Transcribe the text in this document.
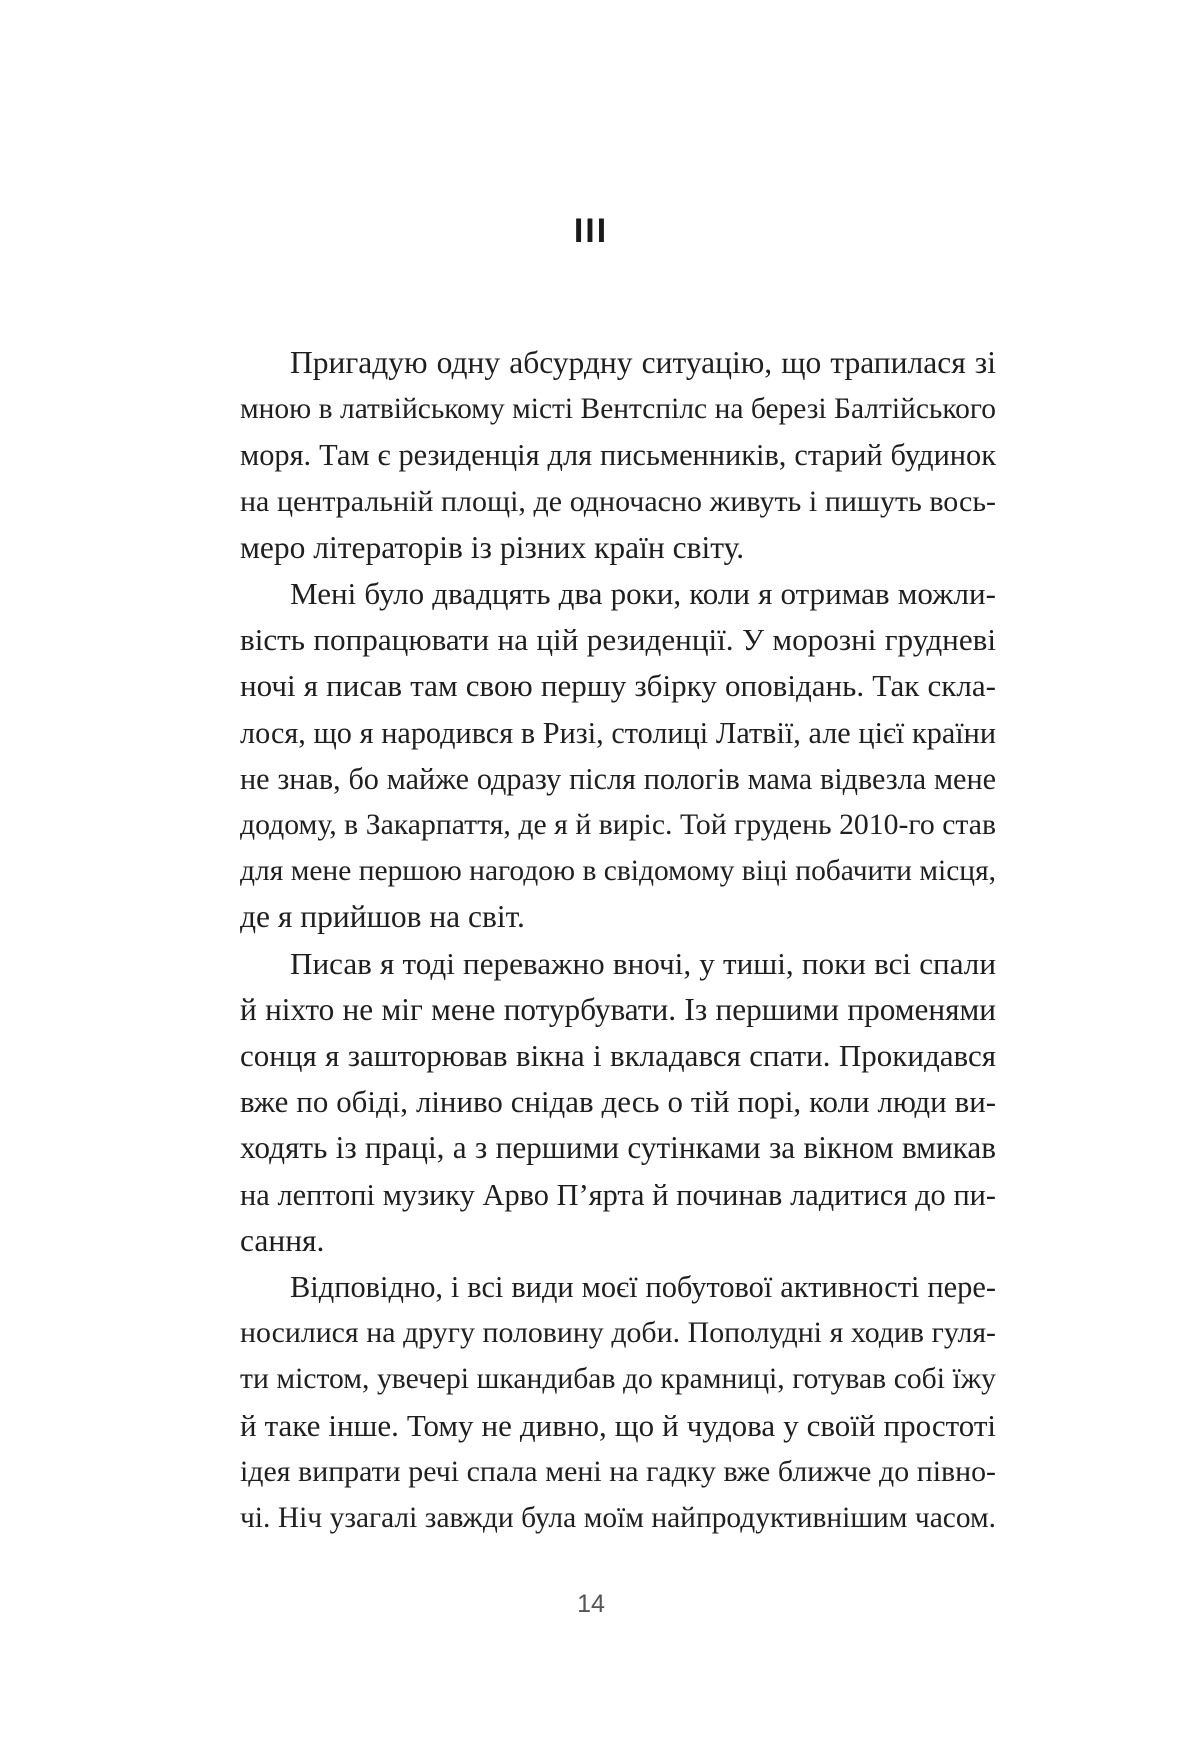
III

Пригадую одну абсурдну ситуацію, що трапилася зі
мною в латвійському місті Вентспілс на березі Балтійського
моря. Там є резиденція для письменників, старий будинок
на центральній площі, де одночасно живуть і пишуть вось-
меро літераторів із різних країн світу.

Мені було двадцять два роки, коли я отримав можли-
вість попрацювати на цій резиденції. У морозні грудневі
ночі я писав там свою першу збірку оповідань. Так скла-
лося, що я народився в Ризі, столиці Латвії, але цієї країни
не знав, бо майже одразу після пологів мама відвезла мене
додому, в Закарпаття, де я й виріс. Той грудень 2010-го став
для мене першою нагодою в свідомому віці побачити місця,
де я прийшов на світ.

Писав я тоді переважно вночі, у тиші, поки всі спали
й ніхто не міг мене потурбувати. Із першими променями
сонця я зашторював вікна і вкладався спати. Прокидався
вже по обіді, ліниво снідав десь о тій порі, коли люди ви-
ходять із праці, а з першими сутінками за вікном вмикав
на лептопі музику Арво П’ярта й починав ладитися до пи-
сання.

Відповідно, і всі види моєї побутової активності пере-
носилися на другу половину доби. Пополудні я ходив гуля-
ти містом, увечері шкандибав до крамниці, готував собі їжу
й таке інше. Тому не дивно, що й чудова у своїй простоті
ідея випрати речі спала мені на гадку вже ближче до півно-
чі. Ніч узагалі завжди була моїм найпродуктивнішим часом.

14
